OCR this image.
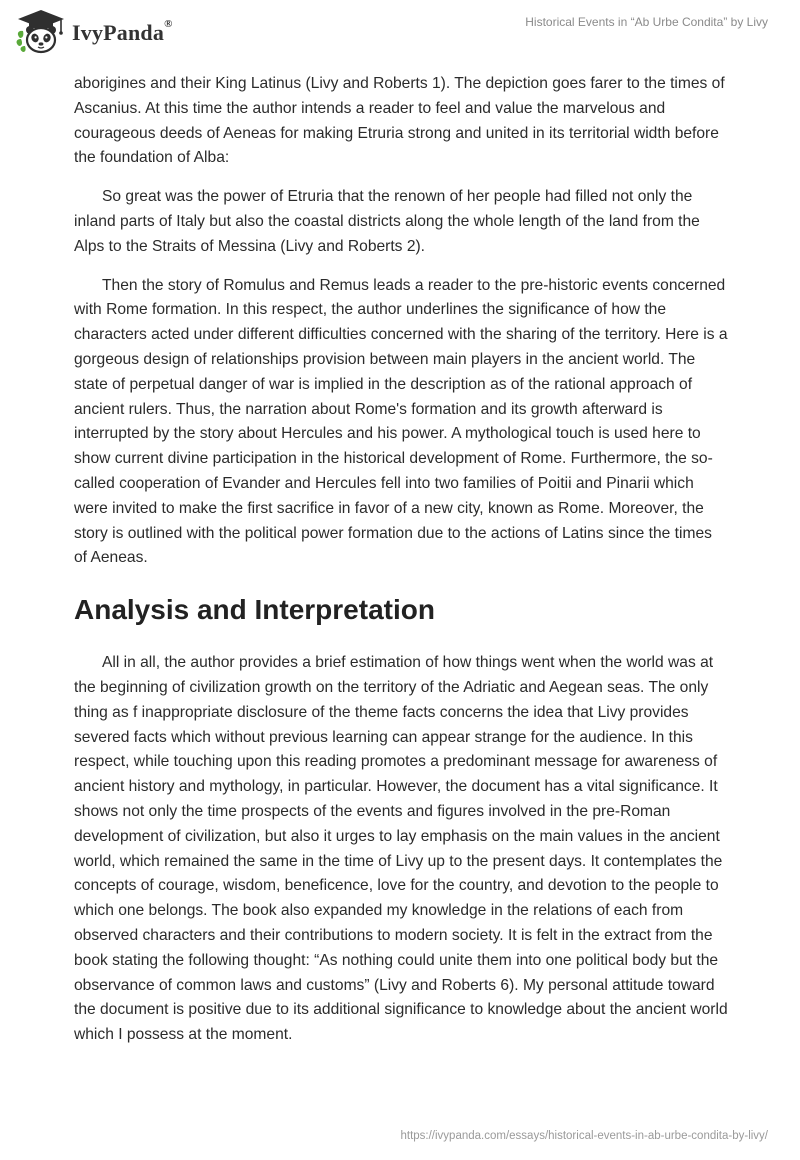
IvyPanda®	Historical Events in “Ab Urbe Condita” by Livy

aborigines and their King Latinus (Livy and Roberts 1). The depiction goes farer to the times of Ascanius. At this time the author intends a reader to feel and value the marvelous and courageous deeds of Aeneas for making Etruria strong and united in its territorial width before the foundation of Alba:

So great was the power of Etruria that the renown of her people had filled not only the inland parts of Italy but also the coastal districts along the whole length of the land from the Alps to the Straits of Messina (Livy and Roberts 2).

Then the story of Romulus and Remus leads a reader to the pre-historic events concerned with Rome formation. In this respect, the author underlines the significance of how the characters acted under different difficulties concerned with the sharing of the territory. Here is a gorgeous design of relationships provision between main players in the ancient world. The state of perpetual danger of war is implied in the description as of the rational approach of ancient rulers. Thus, the narration about Rome's formation and its growth afterward is interrupted by the story about Hercules and his power. A mythological touch is used here to show current divine participation in the historical development of Rome. Furthermore, the so-called cooperation of Evander and Hercules fell into two families of Poitii and Pinarii which were invited to make the first sacrifice in favor of a new city, known as Rome. Moreover, the story is outlined with the political power formation due to the actions of Latins since the times of Aeneas.

Analysis and Interpretation

All in all, the author provides a brief estimation of how things went when the world was at the beginning of civilization growth on the territory of the Adriatic and Aegean seas. The only thing as f inappropriate disclosure of the theme facts concerns the idea that Livy provides severed facts which without previous learning can appear strange for the audience. In this respect, while touching upon this reading promotes a predominant message for awareness of ancient history and mythology, in particular. However, the document has a vital significance. It shows not only the time prospects of the events and figures involved in the pre-Roman development of civilization, but also it urges to lay emphasis on the main values in the ancient world, which remained the same in the time of Livy up to the present days. It contemplates the concepts of courage, wisdom, beneficence, love for the country, and devotion to the people to which one belongs. The book also expanded my knowledge in the relations of each from observed characters and their contributions to modern society. It is felt in the extract from the book stating the following thought: “As nothing could unite them into one political body but the observance of common laws and customs” (Livy and Roberts 6). My personal attitude toward the document is positive due to its additional significance to knowledge about the ancient world which I possess at the moment.

https://ivypanda.com/essays/historical-events-in-ab-urbe-condita-by-livy/
